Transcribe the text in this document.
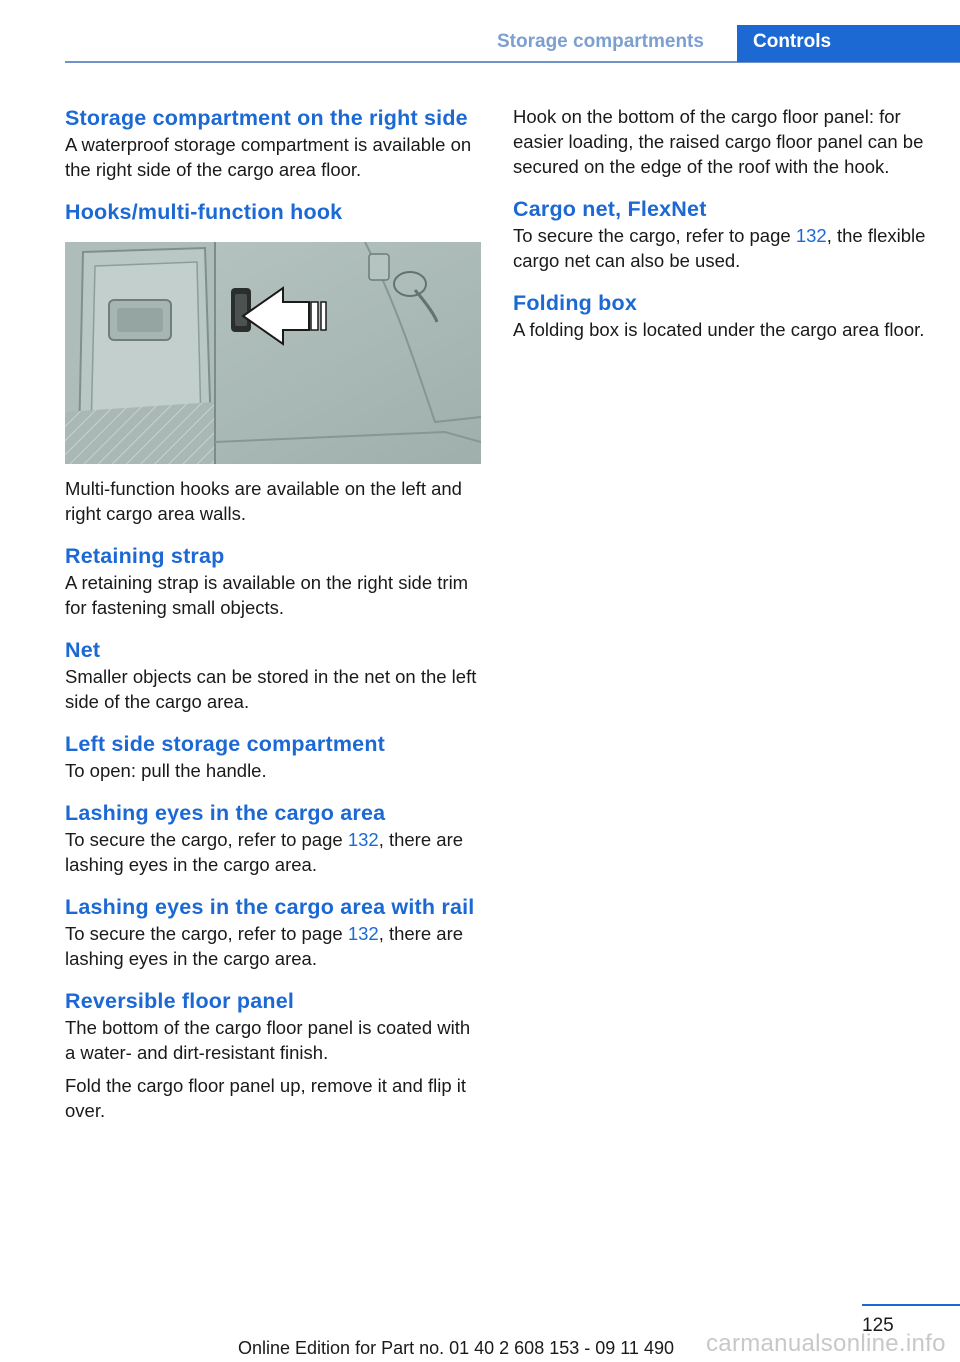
Storage compartments	Controls
Storage compartment on the right side

A waterproof storage compartment is available on the right side of the cargo area floor.

Hooks/multi-function hook

Multi-function hooks are available on the left and right cargo area walls.

Retaining strap

A retaining strap is available on the right side trim for fastening small objects.

Net

Smaller objects can be stored in the net on the left side of the cargo area.

Left side storage compartment

To open: pull the handle.

Lashing eyes in the cargo area

To secure the cargo, refer to page 132, there are lashing eyes in the cargo area.

Lashing eyes in the cargo area with rail

To secure the cargo, refer to page 132, there are lashing eyes in the cargo area.

Reversible floor panel

The bottom of the cargo floor panel is coated with a water- and dirt-resistant finish.

Fold the cargo floor panel up, remove it and flip it over.

Hook on the bottom of the cargo floor panel: for easier loading, the raised cargo floor panel can be secured on the edge of the roof with the hook.

Cargo net, FlexNet

To secure the cargo, refer to page 132, the flexible cargo net can also be used.

Folding box

A folding box is located under the cargo area floor.

125
Online Edition for Part no. 01 40 2 608 153 - 09 11 490 carmanualsonline.info
